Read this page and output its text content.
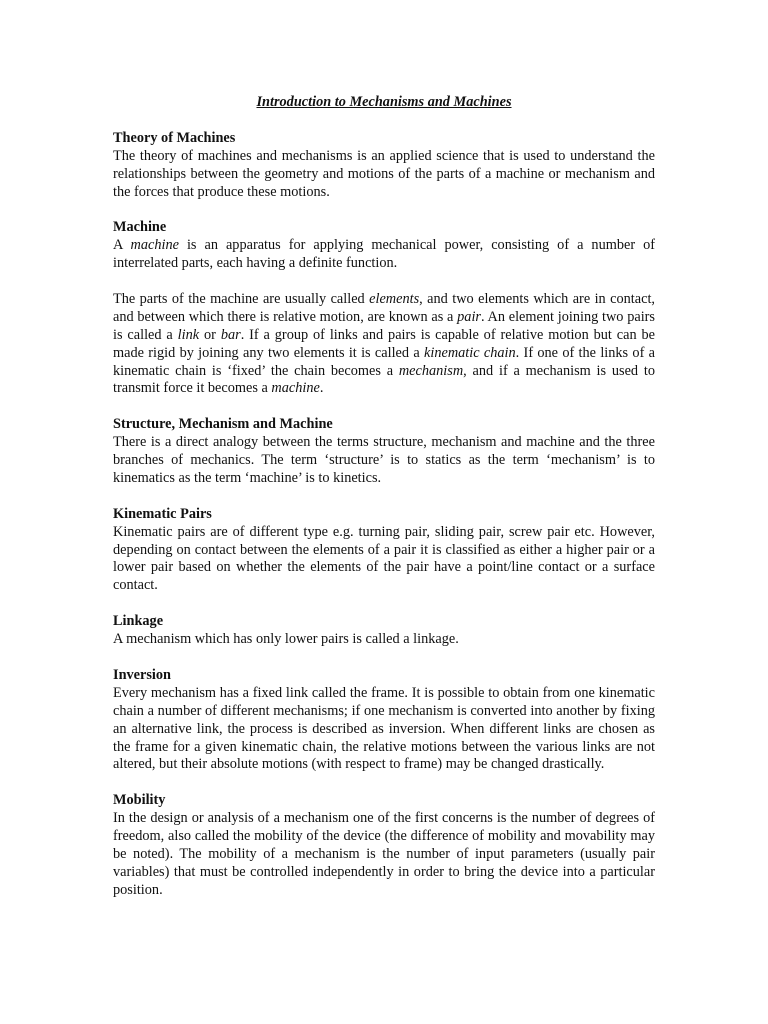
Introduction to Mechanisms and Machines
Theory of Machines

The theory of machines and mechanisms is an applied science that is used to understand the relationships between the geometry and motions of the parts of a machine or mechanism and the forces that produce these motions.

Machine

A machine is an apparatus for applying mechanical power, consisting of a number of interrelated parts, each having a definite function.

The parts of the machine are usually called elements, and two elements which are in contact, and between which there is relative motion, are known as a pair. An element joining two pairs is called a link or bar. If a group of links and pairs is capable of relative motion but can be made rigid by joining any two elements it is called a kinematic chain. If one of the links of a kinematic chain is ‘fixed’ the chain becomes a mechanism, and if a mechanism is used to transmit force it becomes a machine.

Structure, Mechanism and Machine

There is a direct analogy between the terms structure, mechanism and machine and the three branches of mechanics. The term ‘structure’ is to statics as the term ‘mechanism’ is to kinematics as the term ‘machine’ is to kinetics.

Kinematic Pairs

Kinematic pairs are of different type e.g. turning pair, sliding pair, screw pair etc. However, depending on contact between the elements of a pair it is classified as either a higher pair or a lower pair based on whether the elements of the pair have a point/line contact or a surface contact.

Linkage

A mechanism which has only lower pairs is called a linkage.

Inversion

Every mechanism has a fixed link called the frame. It is possible to obtain from one kinematic chain a number of different mechanisms; if one mechanism is converted into another by fixing an alternative link, the process is described as inversion. When different links are chosen as the frame for a given kinematic chain, the relative motions between the various links are not altered, but their absolute motions (with respect to frame) may be changed drastically.

Mobility

In the design or analysis of a mechanism one of the first concerns is the number of degrees of freedom, also called the mobility of the device (the difference of mobility and movability may be noted). The mobility of a mechanism is the number of input parameters (usually pair variables) that must be controlled independently in order to bring the device into a particular position.
